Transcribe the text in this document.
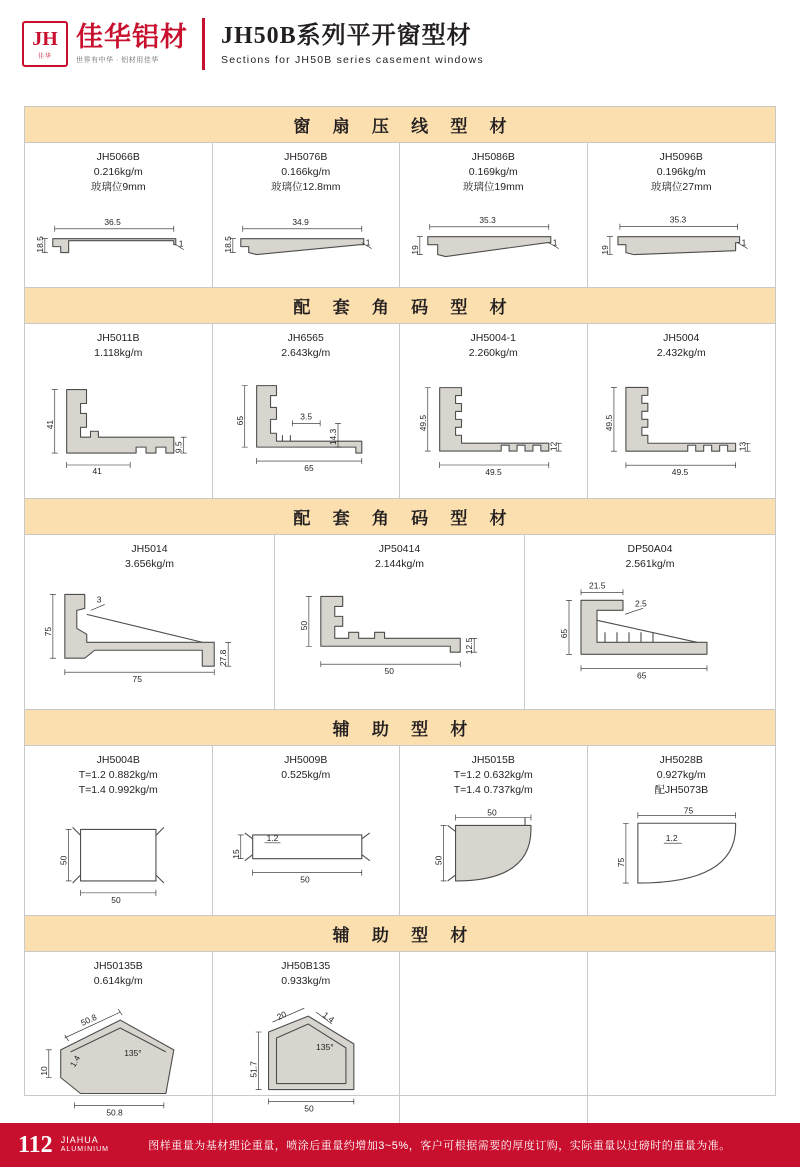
JH
佳华
佳华铝材
世界有中华 · 铝材用佳华
JH50B系列平开窗型材
Sections for JH50B series casement windows
窗 扇 压 线 型 材
JH5066B
0.216kg/m
玻璃位9mm
36.5
18.5	1
JH5076B
0.166kg/m
玻璃位12.8mm
34.9
18.5	1
JH5086B
0.169kg/m
玻璃位19mm
35.3
19
1
JH5096B
0.196kg/m
玻璃位27mm
35.3
19
1
配 套 角 码 型 材
JH5011B
1.118kg/m
41
41
9.5
JH6565
2.643kg/m
65
65
3.5
14.3
JH5004-1
2.260kg/m
49.5
49.5
12
JH5004
2.432kg/m
49.5
49.5
13
配 套 角 码 型 材
JH5014
3.656kg/m
75
75
3
27.8
JP50414
2.144kg/m
50
50
12.5
DP50A04
2.561kg/m
21.5
65
65
2.5
辅 助 型 材
JH5004B
T=1.2 0.882kg/m
T=1.4 0.992kg/m
50
50
JH5009B
0.525kg/m
15
1.2
50
JH5015B
T=1.2 0.632kg/m
T=1.4 0.737kg/m
50
50
JH5028B
0.927kg/m
配JH5073B
75
75
1.2
辅 助 型 材
JH50135B
0.614kg/m
50.8
10
50.8
1.4
135°
JH50B135
0.933kg/m
51.7
20	1.4
135°
50
112 JIAHUA
ALUMINIUM	图样重量为基材理论重量，喷涂后重量约增加3~5%，客户可根据需要的厚度订购，实际重量以过磅时的重量为准。
